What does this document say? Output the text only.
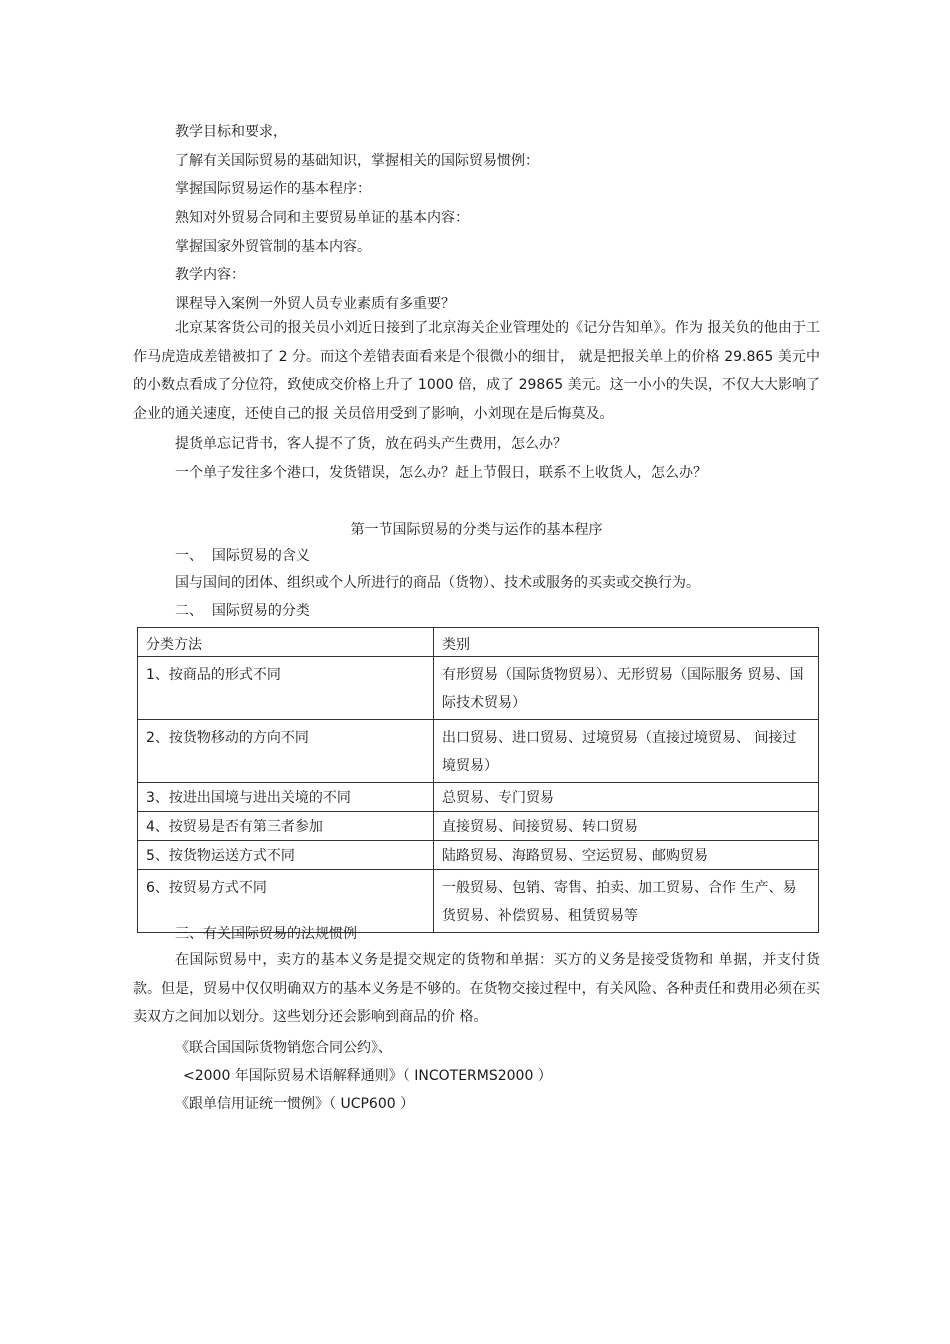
教学目标和要求，
了解有关国际贸易的基础知识，掌握相关的国际贸易惯例：
掌握国际贸易运作的基本程序：
熟知对外贸易合同和主要贸易单证的基本内容：
掌握国家外贸管制的基本内容。
教学内容：
课程导入案例一外贸人员专业素质有多重要？
北京某客货公司的报关员小刘近日接到了北京海关企业管理处的《记分告知单》。作为 报关负的他由于工作马虎造成差错被扣了 2 分。而这个差错表面看来是个很微小的细甘， 就是把报关单上的价格 29.865 美元中的小数点看成了分位符，致使成交价格上升了 1000 倍，成了 29865 美元。这一小小的失误，不仅大大影响了企业的通关速度，还使自己的报 关员倍用受到了影响，小刘现在是后悔莫及。
提货单忘记背书，客人提不了货，放在码头产生费用，怎么办？
一个单子发往多个港口，发货错误，怎么办？赶上节假日，联系不上收货人，怎么办？
第一节国际贸易的分类与运作的基本程序
一、  国际贸易的含义
国与国间的团体、组织或个人所进行的商品（货物）、技术或服务的买卖或交换行为。
二、  国际贸易的分类
分类方法	类别
1、按商品的形式不同	有形贸易（国际货物贸易）、无形贸易（国际服务 贸易、国际技术贸易）
2、按货物移动的方向不同	出口贸易、进口贸易、过境贸易（直接过境贸易、 间接过境贸易）
3、按进出国境与进出关境的不同	总贸易、专门贸易
4、按贸易是否有第三者参加	直接贸易、间接贸易、转口贸易
5、按货物运送方式不同	陆路贸易、海路贸易、空运贸易、邮购贸易
6、按贸易方式不同	一般贸易、包销、寄售、拍卖、加工贸易、合作 生产、易货贸易、补偿贸易、租赁贸易等
三、有关国际贸易的法规惯例
在国际贸易中，卖方的基本义务是提交规定的货物和单据：买方的义务是接受货物和 单据，并支付货款。但是，贸易中仅仅明确双方的基本义务是不够的。在货物交接过程中，有关风险、各种责任和费用必须在买卖双方之间加以划分。这些划分还会影响到商品的价 格。
《联合国国际货物销您合同公约》、
<2000 年国际贸易术语解释通则》（ INCOTERMS2000 ）
《跟单信用证统一惯例》（ UCP600 ）
